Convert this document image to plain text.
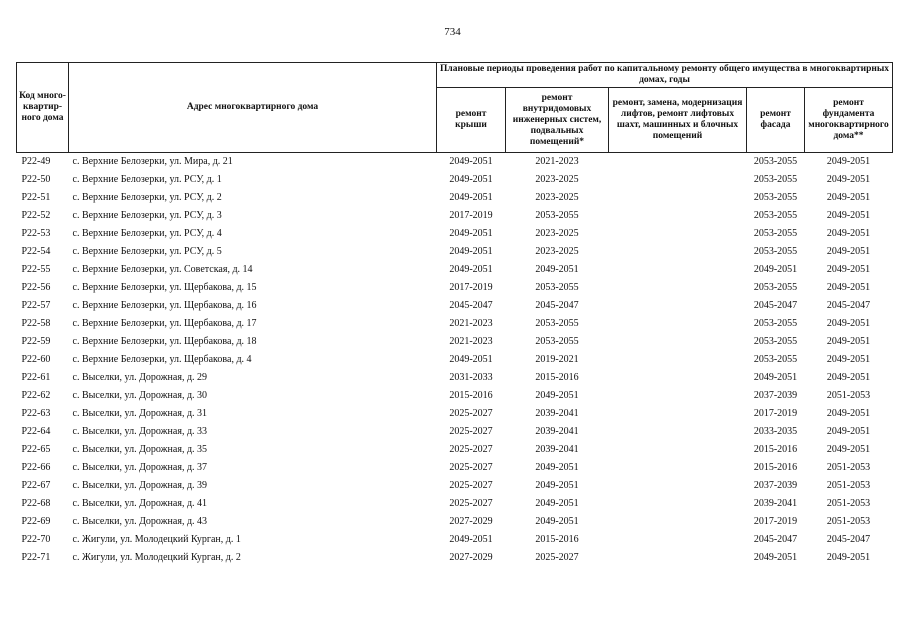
734
Код много-квартир-ного дома	Адрес многоквартирного дома	Плановые периоды проведения работ по капитальному ремонту общего имущества в многоквартирных домах, годы				
		ремонт крыши	ремонт внутридомовых инженерных систем, подвальных помещений*	ремонт, замена, модернизация лифтов, ремонт лифтовых шахт, машинных и блочных помещений	ремонт фасада	ремонт фундамента многоквартирного дома**
Р22-49	с. Верхние Белозерки, ул. Мира, д. 21	2049-2051	2021-2023		2053-2055	2049-2051
Р22-50	с. Верхние Белозерки, ул. РСУ, д. 1	2049-2051	2023-2025		2053-2055	2049-2051
Р22-51	с. Верхние Белозерки, ул. РСУ, д. 2	2049-2051	2023-2025		2053-2055	2049-2051
Р22-52	с. Верхние Белозерки, ул. РСУ, д. 3	2017-2019	2053-2055		2053-2055	2049-2051
Р22-53	с. Верхние Белозерки, ул. РСУ, д. 4	2049-2051	2023-2025		2053-2055	2049-2051
Р22-54	с. Верхние Белозерки, ул. РСУ, д. 5	2049-2051	2023-2025		2053-2055	2049-2051
Р22-55	с. Верхние Белозерки, ул. Советская, д. 14	2049-2051	2049-2051		2049-2051	2049-2051
Р22-56	с. Верхние Белозерки, ул. Щербакова, д. 15	2017-2019	2053-2055		2053-2055	2049-2051
Р22-57	с. Верхние Белозерки, ул. Щербакова, д. 16	2045-2047	2045-2047		2045-2047	2045-2047
Р22-58	с. Верхние Белозерки, ул. Щербакова, д. 17	2021-2023	2053-2055		2053-2055	2049-2051
Р22-59	с. Верхние Белозерки, ул. Щербакова, д. 18	2021-2023	2053-2055		2053-2055	2049-2051
Р22-60	с. Верхние Белозерки, ул. Щербакова, д. 4	2049-2051	2019-2021		2053-2055	2049-2051
Р22-61	с. Выселки, ул. Дорожная, д. 29	2031-2033	2015-2016		2049-2051	2049-2051
Р22-62	с. Выселки, ул. Дорожная, д. 30	2015-2016	2049-2051		2037-2039	2051-2053
Р22-63	с. Выселки, ул. Дорожная, д. 31	2025-2027	2039-2041		2017-2019	2049-2051
Р22-64	с. Выселки, ул. Дорожная, д. 33	2025-2027	2039-2041		2033-2035	2049-2051
Р22-65	с. Выселки, ул. Дорожная, д. 35	2025-2027	2039-2041		2015-2016	2049-2051
Р22-66	с. Выселки, ул. Дорожная, д. 37	2025-2027	2049-2051		2015-2016	2051-2053
Р22-67	с. Выселки, ул. Дорожная, д. 39	2025-2027	2049-2051		2037-2039	2051-2053
Р22-68	с. Выселки, ул. Дорожная, д. 41	2025-2027	2049-2051		2039-2041	2051-2053
Р22-69	с. Выселки, ул. Дорожная, д. 43	2027-2029	2049-2051		2017-2019	2051-2053
Р22-70	с. Жигули, ул. Молодецкий Курган, д. 1	2049-2051	2015-2016		2045-2047	2045-2047
Р22-71	с. Жигули, ул. Молодецкий Курган, д. 2	2027-2029	2025-2027		2049-2051	2049-2051
